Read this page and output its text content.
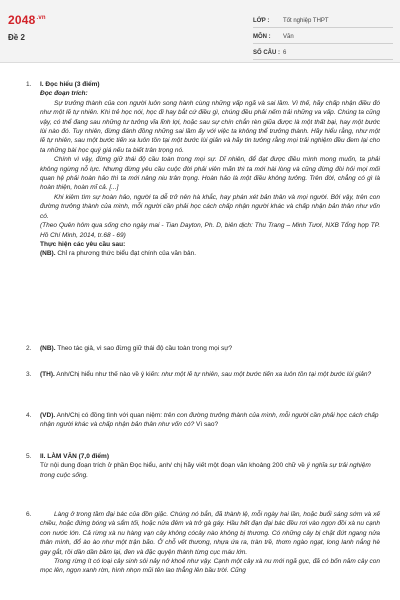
$2048^{.vn}$
Đề 2
LỚP :	Tốt nghiệp THPT
MÔN :	Văn
SỐ CÂU : 6
1. I. Đọc hiểu (3 điểm)

Đọc đoạn trích:

Sự trưởng thành của con người luôn song hành cùng những vấp ngã và sai lầm. Vì thế, hãy chấp nhận điều đó như một lẽ tự nhiên. Khi trẻ học nói, học đi hay bắt cứ điều gì, chúng đều phải nếm trải những va vấp. Chúng ta cũng vậy, có thể đang sau những tư tưởng vĩa lĩnh lợi, hoặc sau sự chín chắn rèn giũa được là một thất bại, hay một bước lùi nào đó. Tuy nhiên, đừng đánh đồng những sai lầm ấy với việc ta không thể trưởng thành. Hãy hiểu rằng, như một lẽ tự nhiên, sau một bước tiến xa luôn tồn tại một bước lùi giản và hãy tin tưởng rằng mọi trải nghiệm đều đem lại cho ta những bài học quý giá nếu ta biết trân trọng nó.

Chính vì vậy, đừng giữ thái độ cầu toàn trong mọi sự. Dĩ nhiên, để đạt được điều mình mong muốn, ta phải không ngừng nỗ lực. Nhưng đừng yêu cầu cuộc đời phải viên mãn thì ta mới hài lòng và cũng đừng đòi hỏi mọi mối quan hệ phải hoàn hảo thì ta mới nâng niu trân trọng. Hoàn hảo là một điều không tưởng. Trên đời, chẳng có gì là hoàn thiện, hoàn mĩ cả. [...]

Khi kiêm tìm sự hoàn hảo, người ta dễ trở nên hà khắc, hay phán xét bản thân và mọi người. Bởi vậy, trên con đường trưởng thành của mình, mỗi người cần phải học cách chấp nhận người khác và chấp nhận bản thân như vốn có.

(Theo Quên hôm qua sống cho ngày mai - Tian Dayton, Ph. D, biên dịch: Thu Trang – Minh Tươi, NXB Tổng hợp TP. Hồ Chí Minh, 2014, tr.68 - 69)

Thực hiện các yêu cầu sau:

(NB). Chỉ ra phương thức biểu đạt chính của văn bản.

2. (NB). Theo tác giả, vì sao đừng giữ thái độ cầu toàn trong mọi sự?

3. (TH). Anh/Chị hiểu như thế nào về ý kiến: như một lẽ tự nhiên, sau một bước tiến xa luôn tồn tại một bước lùi giản?

4. (VD). Anh/Chị có đồng tình với quan niệm: trên con đường trưởng thành của mình, mỗi người cần phải học cách chấp nhận người khác và chấp nhận bản thân như vốn có? Vì sao?

5. II. LÀM VĂN (7,0 điểm)

Từ nội dung đoạn trích ở phần Đọc hiểu, anh/ chị hãy viết một đoạn văn khoảng 200 chữ về ý nghĩa sự trải nghiệm trong cuộc sống.

6.	Làng ở trong tầm đại bác của đồn giặc. Chúng nó bắn, đã thành lệ, mỗi ngày hai lần, hoặc buổi sáng sớm và xế chiều, hoặc đứng bóng và sẩm tối, hoặc nửa đêm và trở gà gáy. Hầu hết đạn đại bác đều rơi vào ngọn đồi xà nu cạnh con nước lớn. Cả rừng xà nu hàng vạn cây không cócây nào không bị thương. Có những cây bị chặt đứt ngang nửa thân mình, đổ ào ào như một trận bão. Ở chỗ vết thương, nhựa ứa ra, tràn trề, thơm ngào ngạt, long lanh nắng hè gay gắt, rồi dần dần bầm lại, đen và đặc quyện thành từng cục máu lớn.

Trong rừng ít có loại cây sinh sôi nảy nở khoẻ như vậy. Cạnh một cây xà nu mới ngã gục, đã có bốn năm cây con mọc lên, ngọn xanh rờn, hình nhọn mũi tên lao thẳng lên bầu trời. Cũng
